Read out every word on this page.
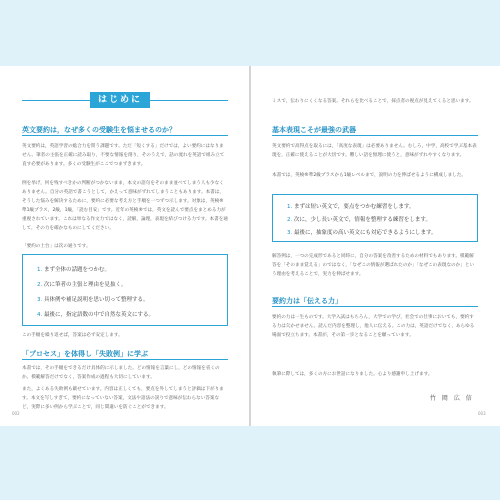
はじめに
英文要約は，なぜ多くの受験生を悩ませるのか？
英文要約は，英語学習の総合力を問う課題です。ただ「短くする」だけでは，よい要約にはなりません。筆者の主張を正確に読み取り，不要な情報を削り，そのうえで，話の流れを英語で組み立て直す必要があります。多くの受験生がここでつまずきます。
例を挙げ，何を残すべきかの判断がつかないまま，本文の語句をそのまま並べてしまう人も少なくありません。自分の英語で書こうとして，かえって意味がずれてしまうこともあります。本書は，そうした悩みを解決するために，要約に必要な考え方と手順を一つずつ示します。対象は，英検®準1級プラス，2級，1級，「読む目安」です。近年の英検®では，英文を読んで要点をまとめる力が重視されています。これは単なる作文力ではなく，読解，論理，表現を結びつける力です。本書を通して，その力を確かなものにしてください。
「要約の土台」は次の通りです。
1. まず全体の話題をつかむ。
2. 次に筆者の主張と理由を見抜く。
3. 具体例や補足説明を思い切って整理する。
4. 最後に，指定語数の中で自然な英文にする。
この手順を繰り返せば，答案は必ず安定します。
「プロセス」を体得し「失敗例」に学ぶ
本書では，その手順をできるだけ具体的に示しました。どの情報を言葉にし，どの情報を省くのか。模範解答だけでなく，答案作成の過程も大切にしています。
また，よくある失敗例も載せています。内容は正しくても，要点を外してしまうと評価は下がります。本文を写しすぎて，要約になっていない答案，文法や語法の誤りで意味が伝わらない答案など，実際に多い例から学ぶことで，同じ間違いを防ぐことができます。
002
ミスで，伝わりにくくなる答案。それらを比べることで，採点者の視点が見えてくると思います。
基本表現こそが最強の武器
英文要約で高得点を取るには，「高度な表現」は必要ありません。むしろ，中学，高校で学ぶ基本表現を，正確に使えることが大切です。難しい語を無理に使うと，意味がずれやすくなります。
本書では，英検®準2級プラスから1級レベルまで，説明の力を伸ばせるように構成しました。
1. まずは短い英文で，要点をつかむ練習をします。
2. 次に，少し長い英文で，情報を整理する練習をします。
3. 最後に，抽象度の高い英文にも対応できるようにします。
解答例は，一つの完成形であると同時に，自分の答案を改善するための材料でもあります。模範解答を「そのまま覚える」のではなく，「なぜこの情報が選ばれたのか」「なぜこの表現なのか」という理由を考えることで，実力を伸ばせます。
要約力は「伝える力」
要約の力は一生ものです。大学入試はもちろん，大学での学び，社会での仕事においても，要約する力は欠かせません。読んだ内容を整理し，他人に伝える。この力は，英語だけでなく，あらゆる場面で役立ちます。本書が，その第一歩となることを願っています。
執筆に際しては，多くの方にお世話になりました。心より感謝申し上げます。
竹 岡 広 信
003
